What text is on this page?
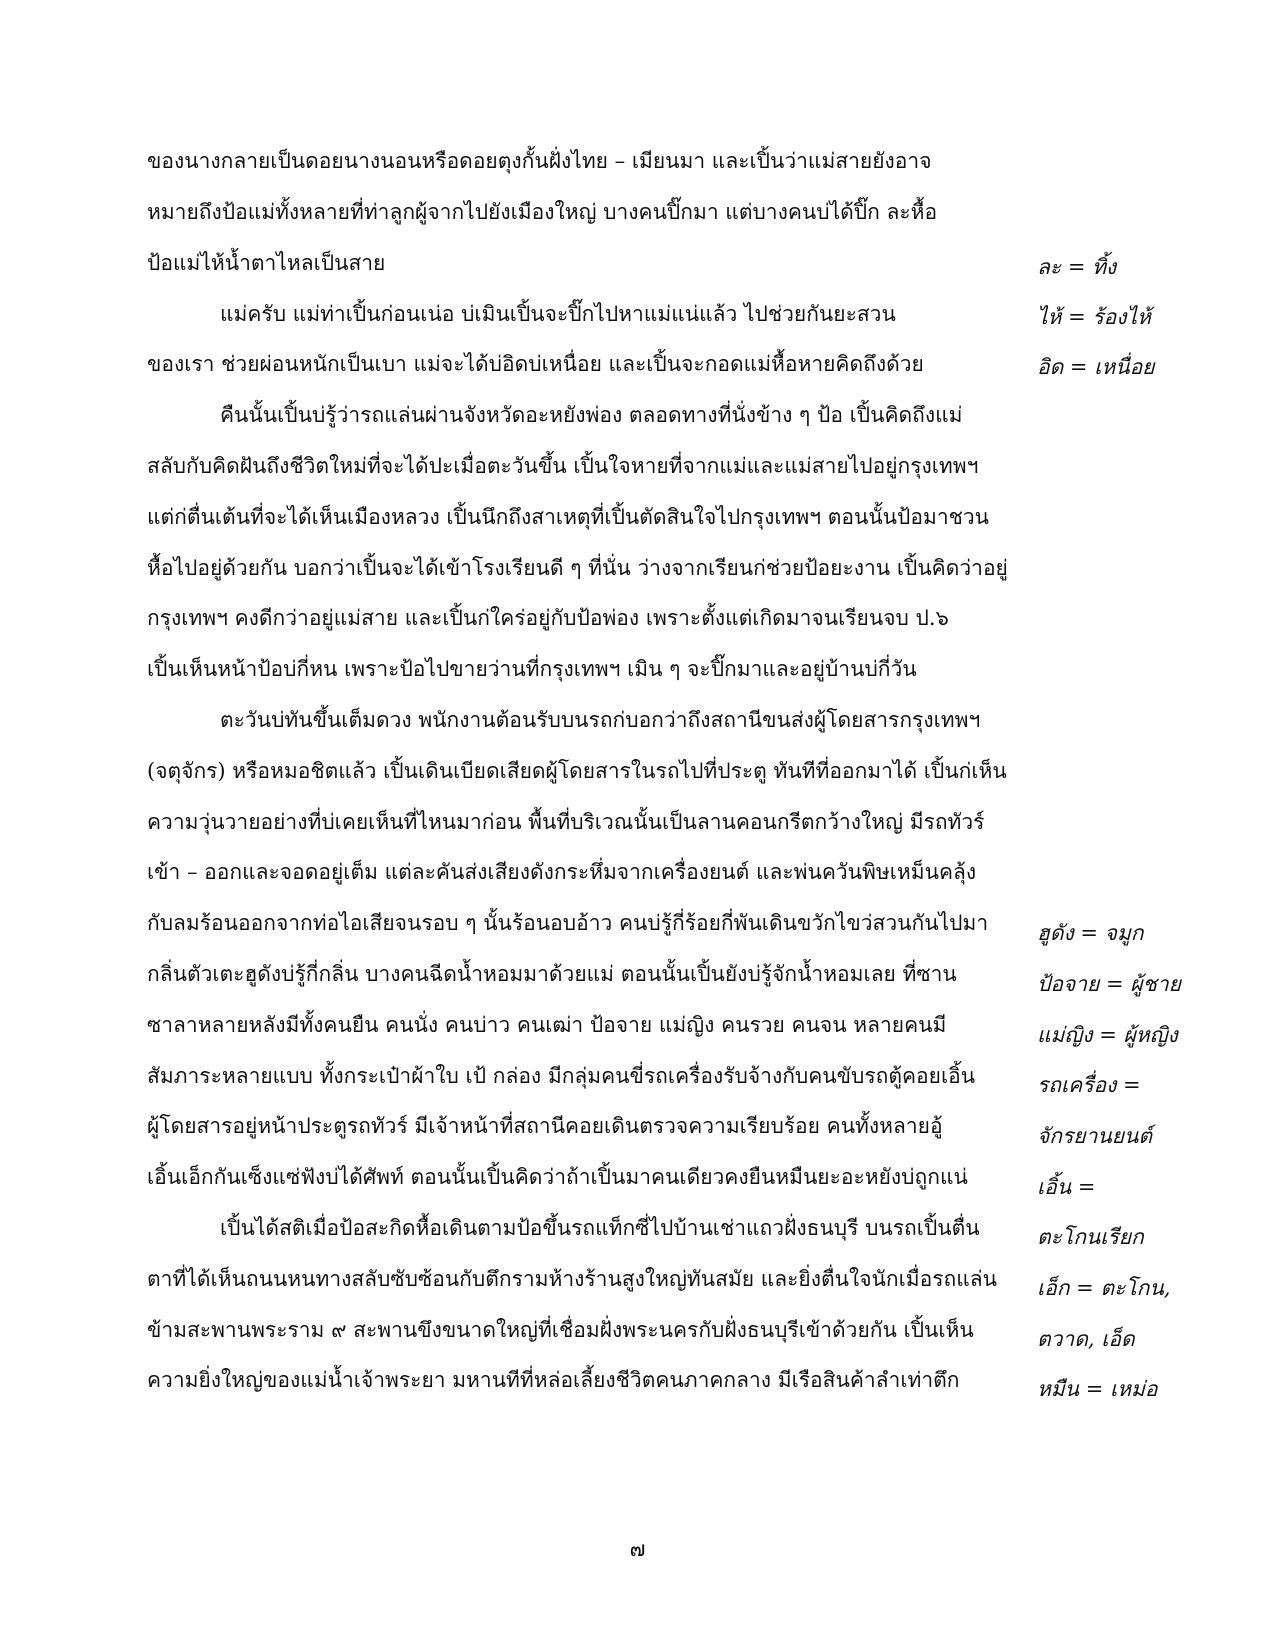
ของนางกลายเป็นดอยนางนอนหรือดอยตุงกั้นฝั่งไทย – เมียนมา และเปิ้นว่าแม่สายยังอาจ
หมายถึงป้อแม่ทั้งหลายที่ท่าลูกผู้จากไปยังเมืองใหญ่ บางคนปิ๊กมา แต่บางคนบ่ได้ปิ๊ก ละหื้อ
ป้อแม่ไห้น้ำตาไหลเป็นสาย
แม่ครับ แม่ท่าเปิ้นก่อนเน่อ บ่เมินเปิ้นจะปิ๊กไปหาแม่แน่แล้ว ไปช่วยกันยะสวน
ของเรา ช่วยผ่อนหนักเป็นเบา แม่จะได้บ่อิดบ่เหนื่อย และเปิ้นจะกอดแม่หื้อหายคิดถึงด้วย
คืนนั้นเปิ้นบ่รู้ว่ารถแล่นผ่านจังหวัดอะหยังพ่อง ตลอดทางที่นั่งข้าง ๆ ป้อ เปิ้นคิดถึงแม่
สลับกับคิดฝันถึงชีวิตใหม่ที่จะได้ปะเมื่อตะวันขึ้น เปิ้นใจหายที่จากแม่และแม่สายไปอยู่กรุงเทพฯ
แต่ก่ตื่นเต้นที่จะได้เห็นเมืองหลวง เปิ้นนึกถึงสาเหตุที่เปิ้นตัดสินใจไปกรุงเทพฯ ตอนนั้นป้อมาชวน
หื้อไปอยู่ด้วยกัน บอกว่าเปิ้นจะได้เข้าโรงเรียนดี ๆ ที่นั่น ว่างจากเรียนก่ช่วยป้อยะงาน เปิ้นคิดว่าอยู่
กรุงเทพฯ คงดีกว่าอยู่แม่สาย และเปิ้นก่ใคร่อยู่กับป้อพ่อง เพราะตั้งแต่เกิดมาจนเรียนจบ ป.๖
เปิ้นเห็นหน้าป้อบ่กี่หน เพราะป้อไปขายว่านที่กรุงเทพฯ เมิน ๆ จะปิ๊กมาและอยู่บ้านบ่กี่วัน
ตะวันบ่ทันขึ้นเต็มดวง พนักงานต้อนรับบนรถก่บอกว่าถึงสถานีขนส่งผู้โดยสารกรุงเทพฯ
(จตุจักร) หรือหมอชิตแล้ว เปิ้นเดินเบียดเสียดผู้โดยสารในรถไปที่ประตู ทันทีที่ออกมาได้ เปิ้นก่เห็น
ความวุ่นวายอย่างที่บ่เคยเห็นที่ไหนมาก่อน พื้นที่บริเวณนั้นเป็นลานคอนกรีตกว้างใหญ่ มีรถทัวร์
เข้า – ออกและจอดอยู่เต็ม แต่ละคันส่งเสียงดังกระหึ่มจากเครื่องยนต์ และพ่นควันพิษเหม็นคลุ้ง
กับลมร้อนออกจากท่อไอเสียจนรอบ ๆ นั้นร้อนอบอ้าว คนบ่รู้กี่ร้อยกี่พันเดินขวักไขว่สวนกันไปมา
กลิ่นตัวเตะฮูดังบ่รู้กี่กลิ่น บางคนฉีดน้ำหอมมาด้วยแม่ ตอนนั้นเปิ้นยังบ่รู้จักน้ำหอมเลย ที่ซาน
ซาลาหลายหลังมีทั้งคนยืน คนนั่ง คนบ่าว คนเฒ่า ป้อจาย แม่ญิง คนรวย คนจน หลายคนมี
สัมภาระหลายแบบ ทั้งกระเป๋าผ้าใบ เป้ กล่อง มีกลุ่มคนขี่รถเครื่องรับจ้างกับคนขับรถตู้คอยเอิ้น
ผู้โดยสารอยู่หน้าประตูรถทัวร์ มีเจ้าหน้าที่สถานีคอยเดินตรวจความเรียบร้อย คนทั้งหลายอู้
เอิ้นเอ็กกันเซ็งแซ่ฟังบ่ได้ศัพท์ ตอนนั้นเปิ้นคิดว่าถ้าเปิ้นมาคนเดียวคงยืนหมืนยะอะหยังบ่ถูกแน่
เปิ้นได้สติเมื่อป้อสะกิดหื้อเดินตามป้อขึ้นรถแท็กซี่ไปบ้านเช่าแถวฝั่งธนบุรี บนรถเปิ้นตื่น
ตาที่ได้เห็นถนนหนทางสลับซับซ้อนกับตึกรามห้างร้านสูงใหญ่ทันสมัย และยิ่งตื่นใจนักเมื่อรถแล่น
ข้ามสะพานพระราม ๙ สะพานขึงขนาดใหญ่ที่เชื่อมฝั่งพระนครกับฝั่งธนบุรีเข้าด้วยกัน เปิ้นเห็น
ความยิ่งใหญ่ของแม่น้ำเจ้าพระยา มหานทีที่หล่อเลี้ยงชีวิตคนภาคกลาง มีเรือสินค้าลำเท่าตึก
ละ = ทิ้ง
ไห้ = ร้องไห้
อิด = เหนื่อย
ฮูดัง = จมูก
ป้อจาย = ผู้ชาย
แม่ญิง = ผู้หญิง
รถเครื่อง =
จักรยานยนต์
เอิ้น =
ตะโกนเรียก
เอ็ก = ตะโกน,
ตวาด, เอ็ด
หมืน = เหม่อ
๗
